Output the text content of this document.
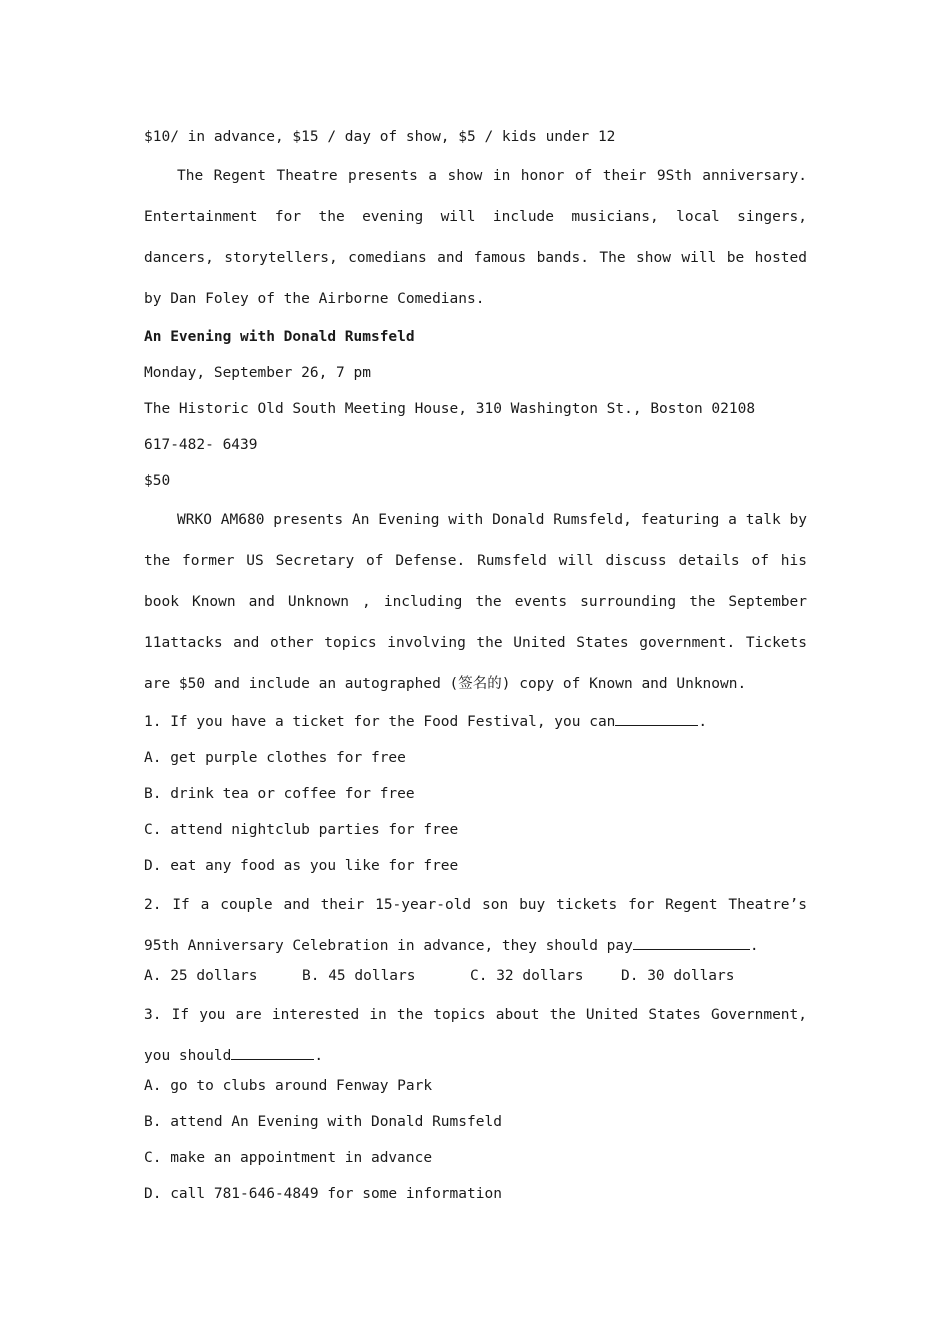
$10/ in advance, $15 / day of show, $5 / kids under 12
The Regent Theatre presents a show in honor of their 9Sth anniversary. Entertainment for the evening will include musicians, local singers, dancers, storytellers, comedians and famous bands. The show will be hosted by Dan Foley of the Airborne Comedians.
An Evening with Donald Rumsfeld
Monday, September 26, 7 pm
The Historic Old South Meeting House, 310 Washington St., Boston 02108
617-482- 6439
$50
WRKO AM680 presents An Evening with Donald Rumsfeld, featuring a talk by the former US Secretary of Defense. Rumsfeld will discuss details of his book Known and Unknown , including the events surrounding the September 11attacks and other topics involving the United States government. Tickets are $50 and include an autographed (签名的) copy of Known and Unknown.
1. If you have a ticket for the Food Festival, you can	.
A. get purple clothes for free
B. drink tea or coffee for free
C. attend nightclub parties for free
D. eat any food as you like for free
2. If a couple and their 15-year-old son buy tickets for Regent Theatre’s 95th Anniversary Celebration in advance, they should pay	.
A. 25 dollars	B. 45 dollars	C. 32 dollars	D. 30 dollars
3. If you are interested in the topics about the United States Government, you should	.
A. go to clubs around Fenway Park
B. attend An Evening with Donald Rumsfeld
C. make an appointment in advance
D. call 781-646-4849 for some information
